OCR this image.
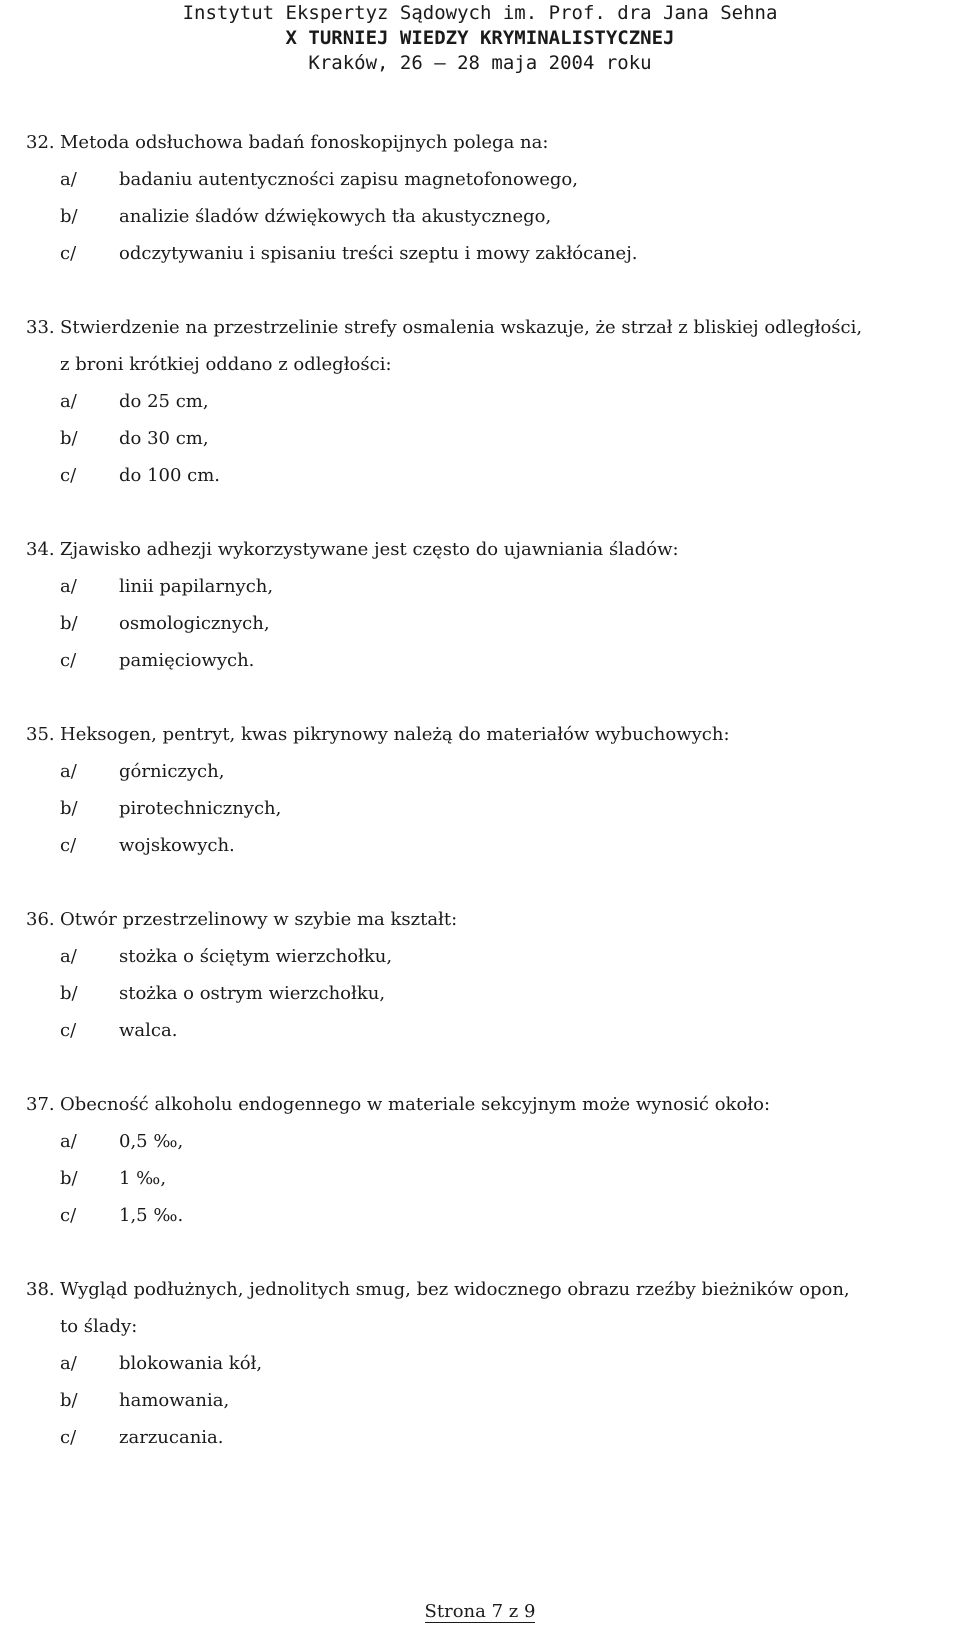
Instytut Ekspertyz Sądowych im. Prof. dra Jana Sehna
X TURNIEJ WIEDZY KRYMINALISTYCZNEJ
Kraków, 26 – 28 maja 2004 roku
32. Metoda odsłuchowa badań fonoskopijnych polega na:
a/	badaniu autentyczności zapisu magnetofonowego,
b/	analizie śladów dźwiękowych tła akustycznego,
c/	odczytywaniu i spisaniu treści szeptu i mowy zakłócanej.
33. Stwierdzenie na przestrzelinie strefy osmalenia wskazuje, że strzał z bliskiej odległości,
z broni krótkiej oddano z odległości:
a/	do 25 cm,
b/	do 30 cm,
c/	do 100 cm.
34. Zjawisko adhezji wykorzystywane jest często do ujawniania śladów:
a/	linii papilarnych,
b/	osmologicznych,
c/	pamięciowych.
35. Heksogen, pentryt, kwas pikrynowy należą do materiałów wybuchowych:
a/	górniczych,
b/	pirotechnicznych,
c/	wojskowych.
36. Otwór przestrzelinowy w szybie ma kształt:
a/	stożka o ściętym wierzchołku,
b/	stożka o ostrym wierzchołku,
c/	walca.
37. Obecność alkoholu endogennego w materiale sekcyjnym może wynosić około:
a/	0,5 ‰,
b/	1 ‰,
c/	1,5 ‰.
38. Wygląd podłużnych, jednolitych smug, bez widocznego obrazu rzeźby bieżników opon,
to ślady:
a/	blokowania kół,
b/	hamowania,
c/	zarzucania.
Strona 7 z 9
